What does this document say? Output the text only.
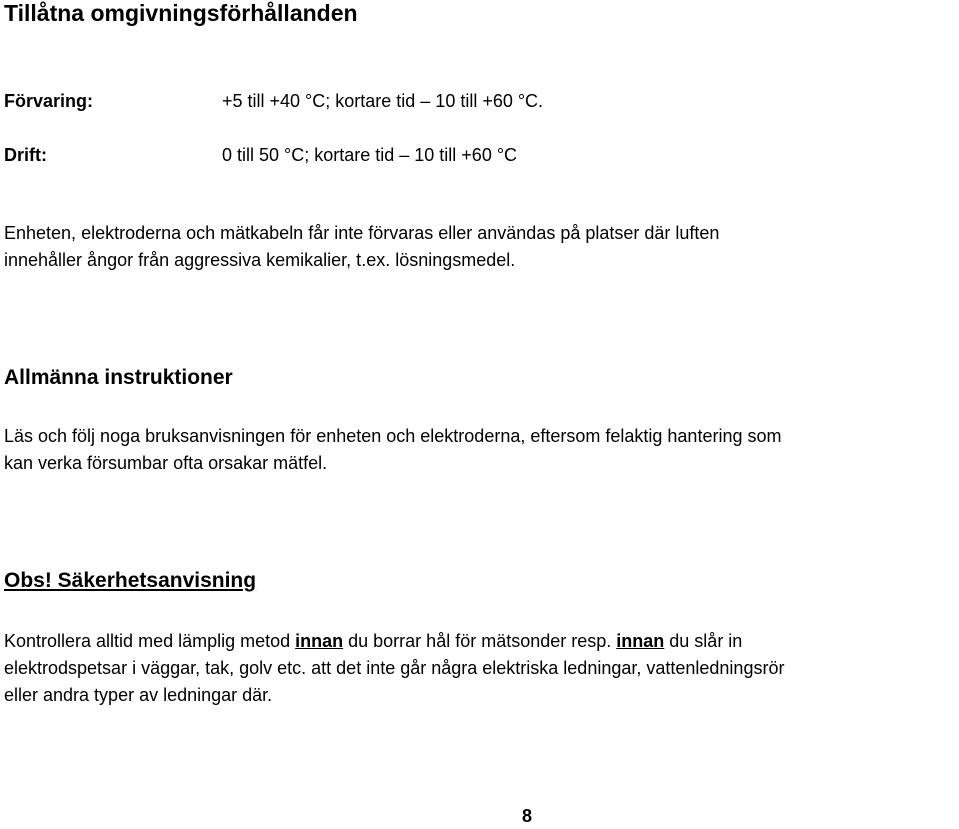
Tillåtna omgivningsförhållanden
Förvaring:	+5 till +40 °C; kortare tid – 10 till +60 °C.
Drift:	0 till 50 °C; kortare tid – 10 till +60 °C
Enheten, elektroderna och mätkabeln får inte förvaras eller användas på platser där luften
innehåller ångor från aggressiva kemikalier, t.ex. lösningsmedel.
Allmänna instruktioner
Läs och följ noga bruksanvisningen för enheten och elektroderna, eftersom felaktig hantering som
kan verka försumbar ofta orsakar mätfel.
Obs! Säkerhetsanvisning
Kontrollera alltid med lämplig metod innan du borrar hål för mätsonder resp. innan du slår in
elektrodspetsar i väggar, tak, golv etc. att det inte går några elektriska ledningar, vattenledningsrör
eller andra typer av ledningar där.
8
